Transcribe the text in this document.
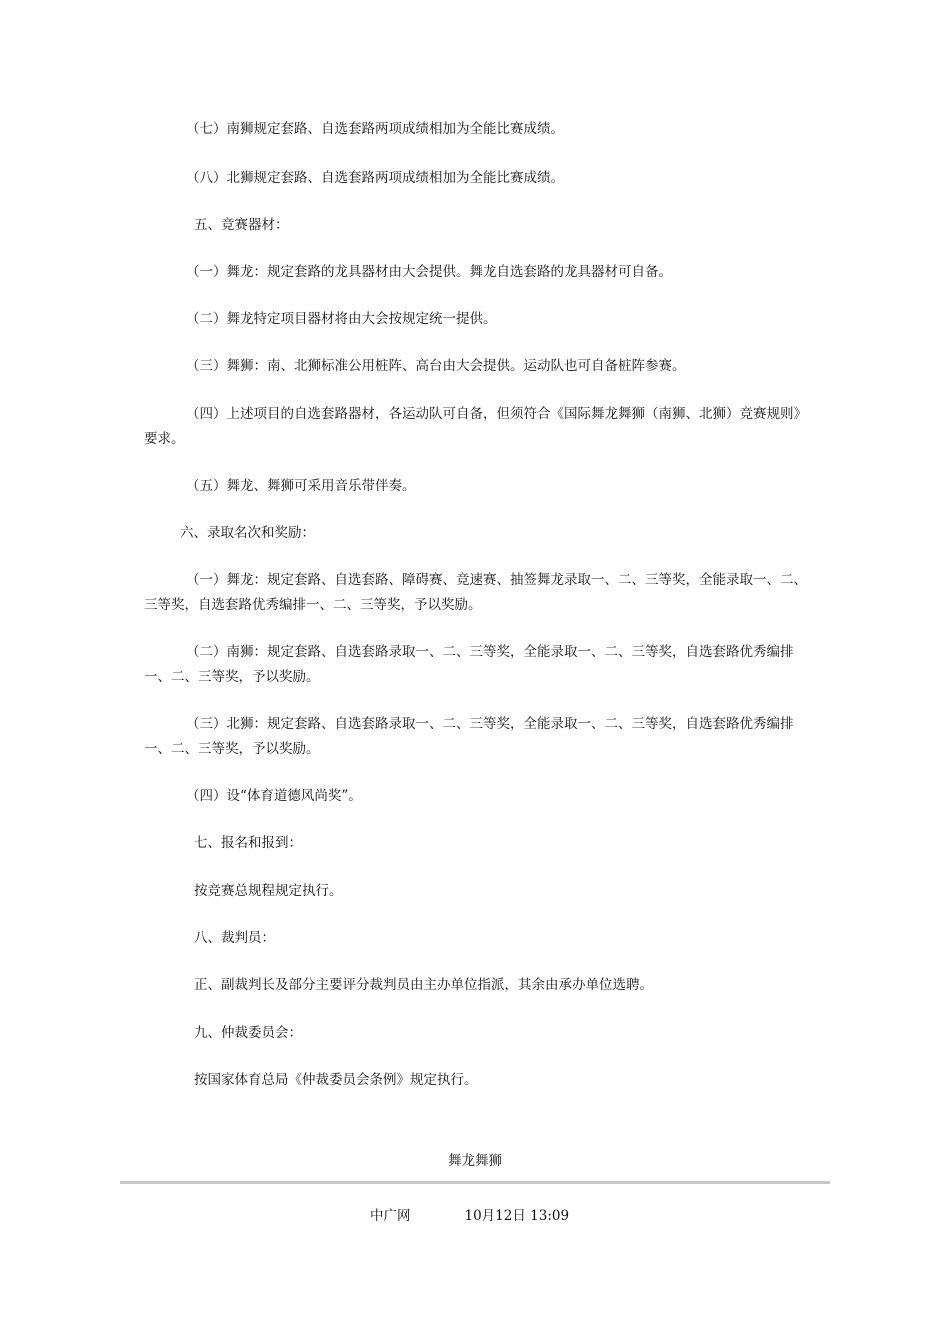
（七）南狮规定套路、自选套路两项成绩相加为全能比赛成绩。

（八）北狮规定套路、自选套路两项成绩相加为全能比赛成绩。

五、竞赛器材：

（一）舞龙：规定套路的龙具器材由大会提供。舞龙自选套路的龙具器材可自备。

（二）舞龙特定项目器材将由大会按规定统一提供。

（三）舞狮：南、北狮标准公用桩阵、高台由大会提供。运动队也可自备桩阵参赛。

（四）上述项目的自选套路器材，各运动队可自备，但须符合《国际舞龙舞狮（南狮、北狮）竞赛规则》要求。

（五）舞龙、舞狮可采用音乐带伴奏。

六、录取名次和奖励：

（一）舞龙：规定套路、自选套路、障碍赛、竞速赛、抽签舞龙录取一、二、三等奖，全能录取一、二、三等奖，自选套路优秀编排一、二、三等奖，予以奖励。

（二）南狮：规定套路、自选套路录取一、二、三等奖，全能录取一、二、三等奖，自选套路优秀编排一、二、三等奖，予以奖励。

（三）北狮：规定套路、自选套路录取一、二、三等奖，全能录取一、二、三等奖，自选套路优秀编排一、二、三等奖，予以奖励。

（四）设“体育道德风尚奖”。

七、报名和报到：

按竞赛总规程规定执行。

八、裁判员：

正、副裁判长及部分主要评分裁判员由主办单位指派，其余由承办单位选聘。

九、仲裁委员会：

按国家体育总局《仲裁委员会条例》规定执行。

舞龙舞狮
中广网	10月12日 13:09
